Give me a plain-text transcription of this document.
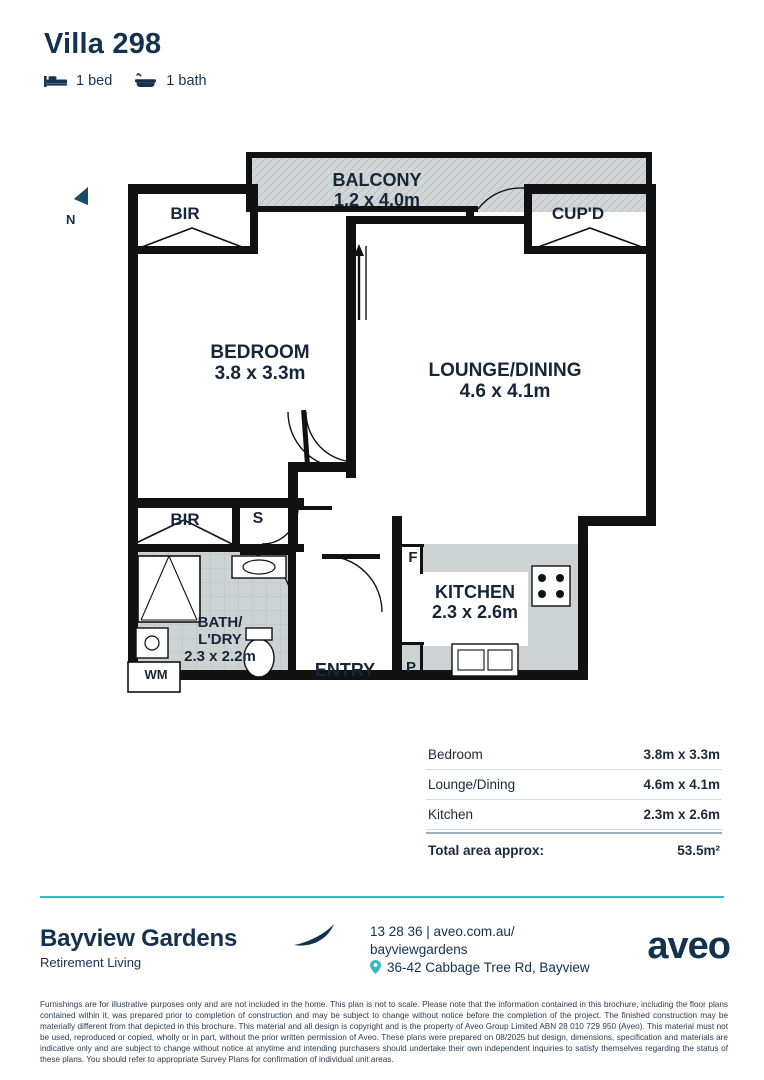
Villa 298
1 bed	1 bath
N
BALCONY
1.2 x 4.0m
BIR	CUP'D
BEDROOM
3.8 x 3.3m	LOUNGE/DINING
4.6 x 4.1m
BIR	S
BATH/
L'DRY
2.3 x 2.2m
WM	ENTRY
KITCHEN
2.3 x 2.6m
F
P
Bedroom	3.8m x 3.3m
Lounge/Dining	4.6m x 4.1m
Kitchen	2.3m x 2.6m
Total area approx:	53.5m²
Bayview Gardens
Retirement Living
13 28 36 | aveo.com.au/
bayviewgardens
36-42 Cabbage Tree Rd, Bayview
aveo
Furnishings are for illustrative purposes only and are not included in the home. This plan is not to scale. Please note that the information contained in this brochure, including the floor plans contained within it, was prepared prior to completion of construction and may be subject to change without notice before the completion of the project. The finished construction may be materially different from that depicted in this brochure. This material and all design is copyright and is the property of Aveo Group Limited ABN 28 010 729 950 (Aveo). This material must not be used, reproduced or copied, wholly or in part, without the prior written permission of Aveo. These plans were prepared on 08/2025 but design, dimensions, specification and materials are indicative only and are subject to change without notice at anytime and intending purchasers should undertake their own independent inquiries to satisfy themselves regarding the status of these plans. You should refer to appropriate Survey Plans for confirmation of individual unit areas.
